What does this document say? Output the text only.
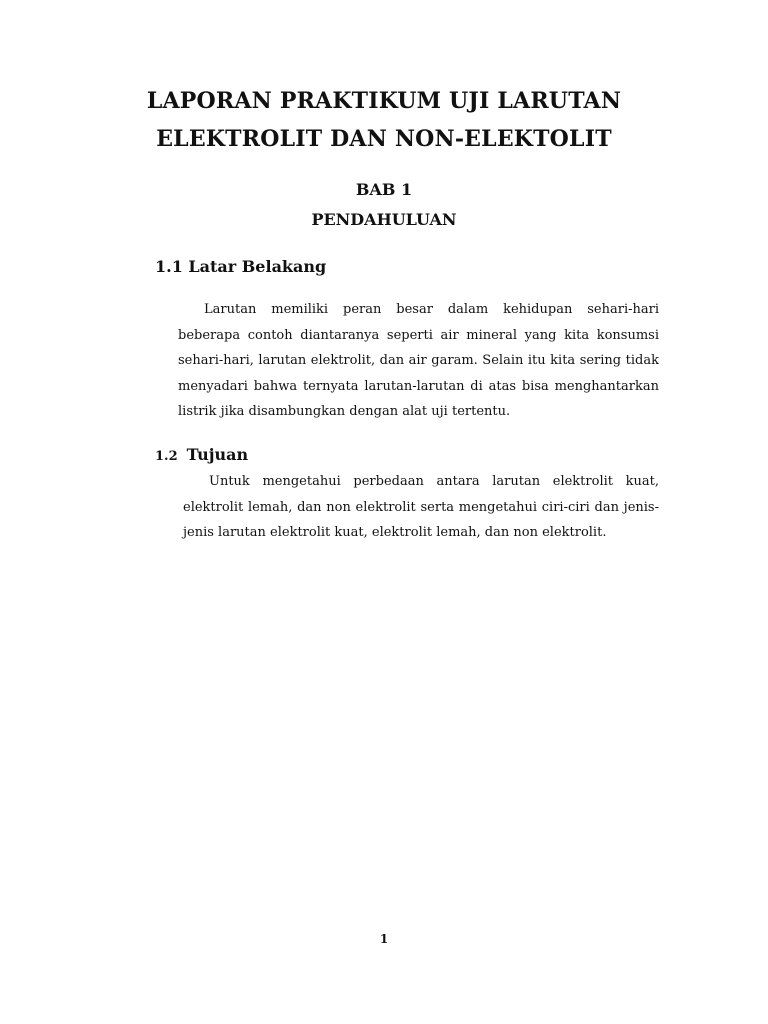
LAPORAN PRAKTIKUM UJI LARUTAN
ELEKTROLIT DAN NON-ELEKTOLIT
BAB 1
PENDAHULUAN
1.1 Latar Belakang

Larutan memiliki peran besar dalam kehidupan sehari-hari beberapa contoh diantaranya seperti air mineral yang kita konsumsi sehari-hari, larutan elektrolit, dan air garam. Selain itu kita sering tidak menyadari bahwa ternyata larutan-larutan di atas bisa menghantarkan listrik jika disambungkan dengan alat uji tertentu.

1.2 Tujuan

Untuk mengetahui perbedaan antara larutan elektrolit kuat, elektrolit lemah, dan non elektrolit serta mengetahui ciri-ciri dan jenis-jenis larutan elektrolit kuat, elektrolit lemah, dan non elektrolit.

1
